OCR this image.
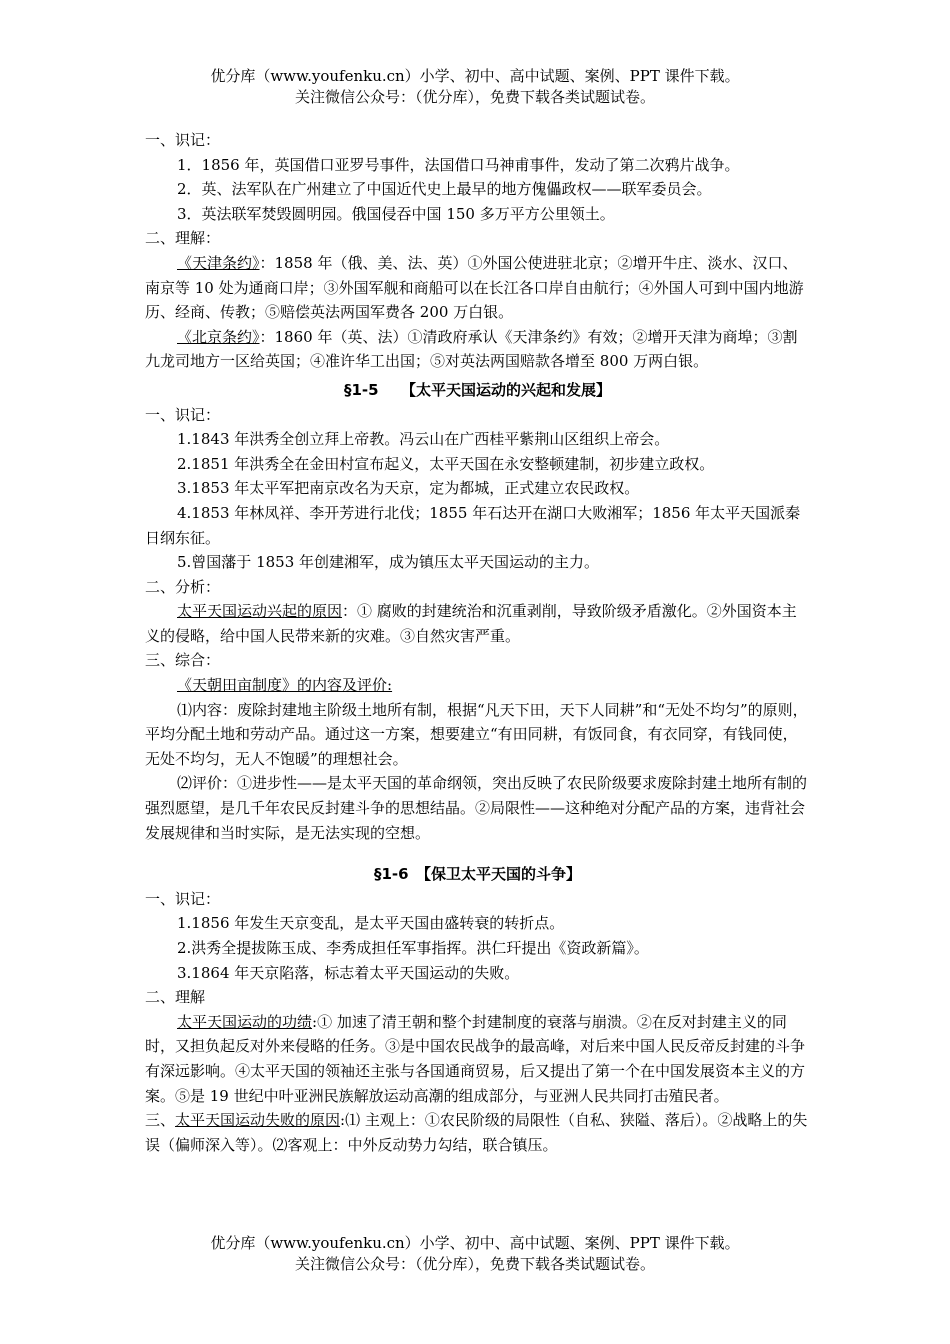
优分库（www.youfenku.cn）小学、初中、高中试题、案例、PPT 课件下载。
关注微信公众号：（优分库），免费下载各类试题试卷。

一、识记：

1．1856 年，英国借口亚罗号事件，法国借口马神甫事件，发动了第二次鸦片战争。

2．英、法军队在广州建立了中国近代史上最早的地方傀儡政权——联军委员会。

3．英法联军焚毁圆明园。俄国侵吞中国 150 多万平方公里领土。

二、理解：

《天津条约》：1858 年（俄、美、法、英）①外国公使进驻北京；②增开牛庄、淡水、汉口、南京等 10 处为通商口岸；③外国军舰和商船可以在长江各口岸自由航行；④外国人可到中国内地游历、经商、传教；⑤赔偿英法两国军费各 200 万白银。

《北京条约》：1860 年（英、法）①清政府承认《天津条约》有效；②增开天津为商埠；③割九龙司地方一区给英国；④准许华工出国；⑤对英法两国赔款各增至 800 万两白银。

§1-5　　【太平天国运动的兴起和发展】

一、识记：

1.1843 年洪秀全创立拜上帝教。冯云山在广西桂平紫荆山区组织上帝会。

2.1851 年洪秀全在金田村宣布起义，太平天国在永安整顿建制，初步建立政权。

3.1853 年太平军把南京改名为天京，定为都城，正式建立农民政权。

4.1853 年林凤祥、李开芳进行北伐；1855 年石达开在湖口大败湘军；1856 年太平天国派秦日纲东征。

5.曾国藩于 1853 年创建湘军，成为镇压太平天国运动的主力。

二、分析：

太平天国运动兴起的原因：① 腐败的封建统治和沉重剥削，导致阶级矛盾激化。②外国资本主义的侵略，给中国人民带来新的灾难。③自然灾害严重。

三、综合：

《天朝田亩制度》的内容及评价:

⑴内容：废除封建地主阶级土地所有制，根据“凡天下田，天下人同耕”和“无处不均匀”的原则，平均分配土地和劳动产品。通过这一方案，想要建立“有田同耕，有饭同食，有衣同穿，有钱同使，无处不均匀，无人不饱暖”的理想社会。

⑵评价：①进步性——是太平天国的革命纲领，突出反映了农民阶级要求废除封建土地所有制的强烈愿望，是几千年农民反封建斗争的思想结晶。②局限性——这种绝对分配产品的方案，违背社会发展规律和当时实际，是无法实现的空想。

§1-6　【保卫太平天国的斗争】

一、识记：

1.1856 年发生天京变乱，是太平天国由盛转衰的转折点。

2.洪秀全提拔陈玉成、李秀成担任军事指挥。洪仁玕提出《资政新篇》。

3.1864 年天京陷落，标志着太平天国运动的失败。

二、理解

太平天国运动的功绩:① 加速了清王朝和整个封建制度的衰落与崩溃。②在反对封建主义的同时，又担负起反对外来侵略的任务。③是中国农民战争的最高峰，对后来中国人民反帝反封建的斗争有深远影响。④太平天国的领袖还主张与各国通商贸易，后又提出了第一个在中国发展资本主义的方案。⑤是 19 世纪中叶亚洲民族解放运动高潮的组成部分，与亚洲人民共同打击殖民者。

三、太平天国运动失败的原因:⑴ 主观上：①农民阶级的局限性（自私、狭隘、落后）。②战略上的失误（偏师深入等）。⑵客观上：中外反动势力勾结，联合镇压。

优分库（www.youfenku.cn）小学、初中、高中试题、案例、PPT 课件下载。
关注微信公众号：（优分库），免费下载各类试题试卷。
